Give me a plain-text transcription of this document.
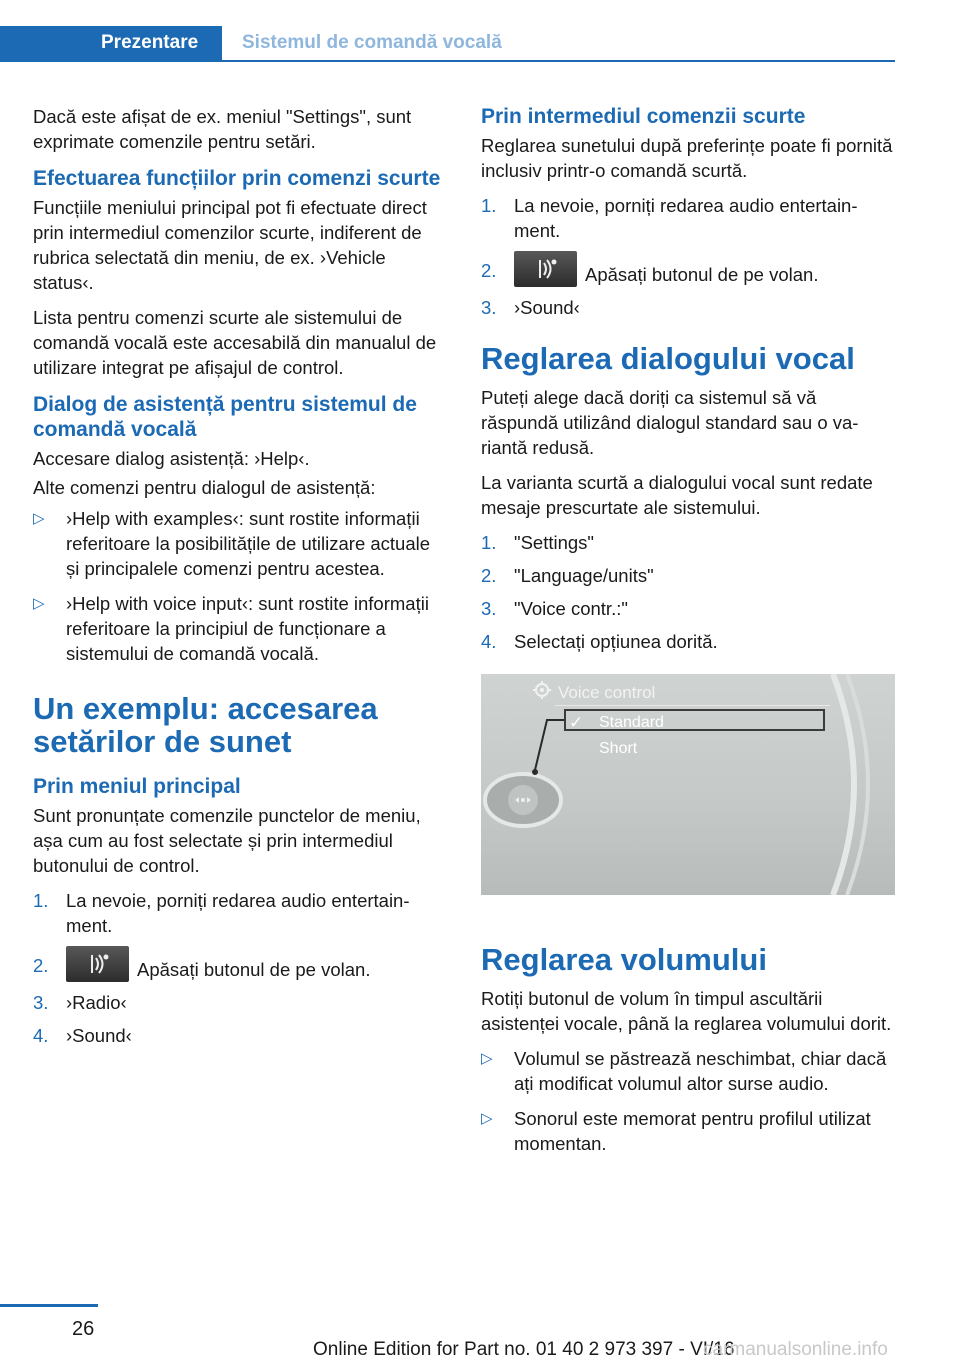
Prezentare Sistemul de comandă vocală

Dacă este afișat de ex. meniul "Settings", sunt exprimate comenzile pentru setări.

Efectuarea funcțiilor prin comenzi scurte

Funcțiile meniului principal pot fi efectuate direct prin intermediul comenzilor scurte, indiferent de rubrica selectată din meniu, de ex. ›Vehicle status‹.

Lista pentru comenzi scurte ale sistemului de comandă vocală este accesabilă din manualul de utilizare integrat pe afișajul de control.

Dialog de asistență pentru sistemul de comandă vocală

Accesare dialog asistență: ›Help‹.

Alte comenzi pentru dialogul de asistență:

▷ ›Help with examples‹: sunt rostite informații referitoare la posibilitățile de utilizare actuale și principalele comenzi pentru acestea.
▷ ›Help with voice input‹: sunt rostite informații referitoare la principiul de funcționare a sistemului de comandă vocală.
Un exemplu: accesarea setărilor de sunet
Prin meniul principal

Sunt pronunțate comenzile punctelor de meniu, așa cum au fost selectate și prin intermediul butonului de control.

1. La nevoie, porniți redarea audio entertainment.
2.	Apăsați butonul de pe volan.
3. ›Radio‹
4. ›Sound‹
Prin intermediul comenzii scurte

Reglarea sunetului după preferințe poate fi pornită inclusiv printr-o comandă scurtă.

1. La nevoie, porniți redarea audio entertainment.
2.	Apăsați butonul de pe volan.
3. ›Sound‹
Reglarea dialogului vocal

Puteți alege dacă doriți ca sistemul să vă răspundă utilizând dialogul standard sau o variantă redusă.

La varianta scurtă a dialogului vocal sunt redate mesaje prescurtate ale sistemului.

1. "Settings"
2. "Language/units"
3. "Voice contr.:"
4. Selectați opțiunea dorită.
Voice control
✓ Standard
Short
Reglarea volumului

Rotiți butonul de volum în timpul ascultării asistenței vocale, până la reglarea volumului dorit.

▷ Volumul se păstrează neschimbat, chiar dacă ați modificat volumul altor surse audio.
▷ Sonorul este memorat pentru profilul utilizat momentan.
26
Online Edition for Part no. 01 40 2 973 397 - VI/16
carmanualsonline.info
